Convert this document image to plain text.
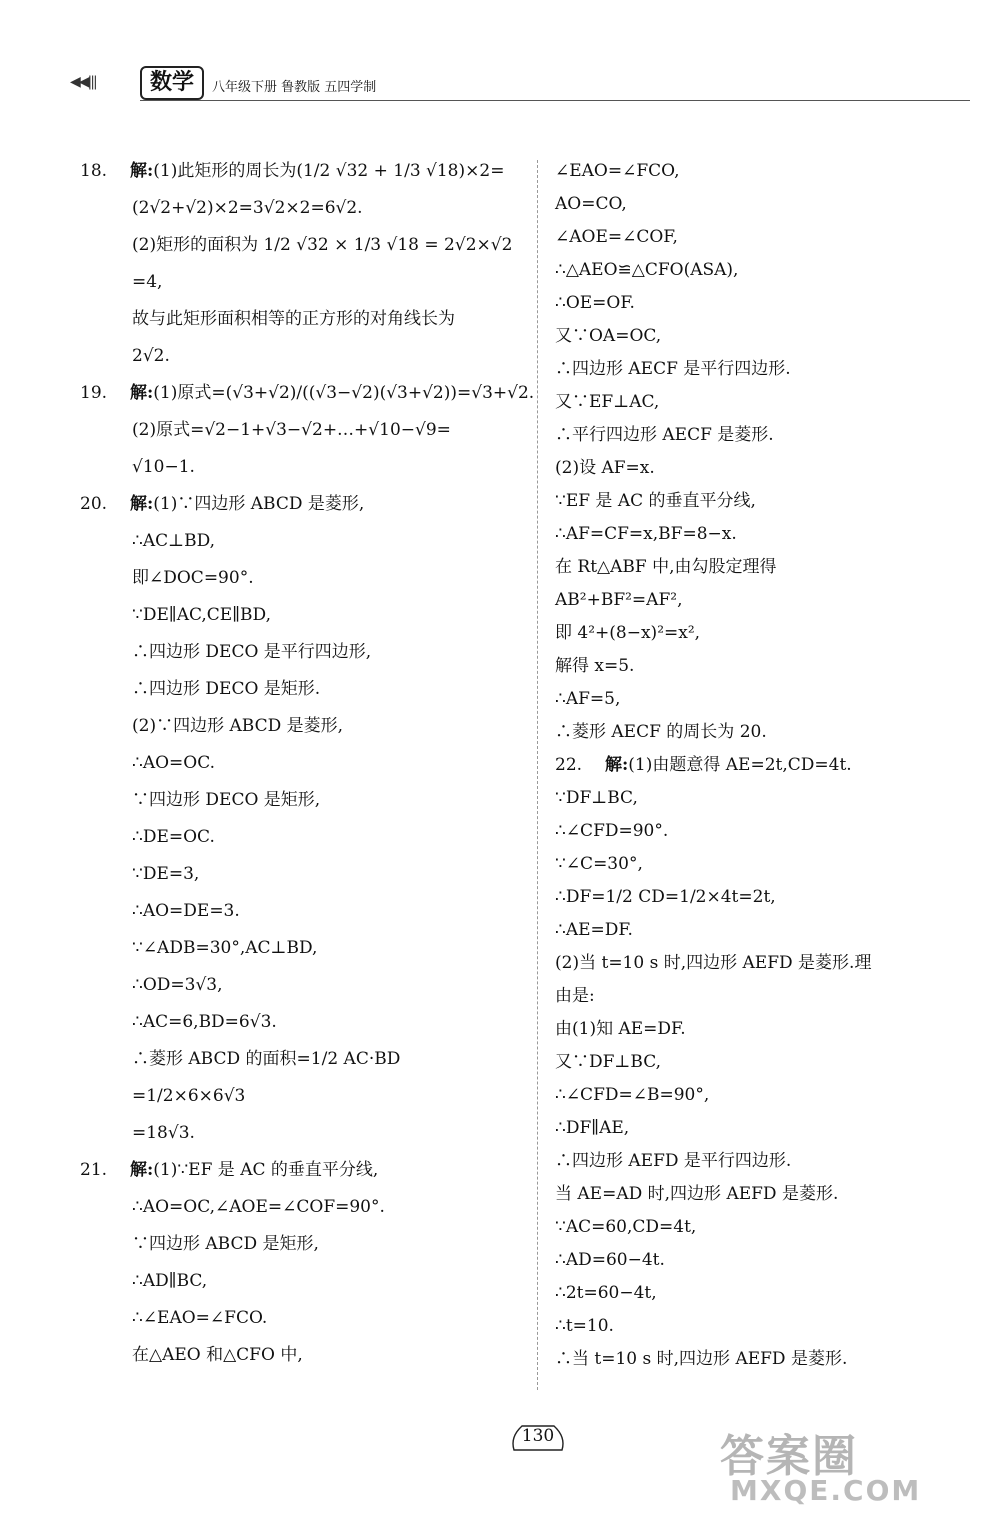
◀◀|||	数学	八年级下册 鲁教版 五四学制
18. 解:(1)此矩形的周长为(1/2 √32 + 1/3 √18)×2=
(2√2+√2)×2=3√2×2=6√2.
(2)矩形的面积为 1/2 √32 × 1/3 √18 = 2√2×√2
=4,
故与此矩形面积相等的正方形的对角线长为
2√2.
19. 解:(1)原式=(√3+√2)/((√3−√2)(√3+√2))=√3+√2.
(2)原式=√2−1+√3−√2+…+√10−√9=
√10−1.
20. 解:(1)∵四边形 ABCD 是菱形,
∴AC⊥BD,
即∠DOC=90°.
∵DE∥AC,CE∥BD,
∴四边形 DECO 是平行四边形,
∴四边形 DECO 是矩形.
(2)∵四边形 ABCD 是菱形,
∴AO=OC.
∵四边形 DECO 是矩形,
∴DE=OC.
∵DE=3,
∴AO=DE=3.
∵∠ADB=30°,AC⊥BD,
∴OD=3√3,
∴AC=6,BD=6√3.
∴菱形 ABCD 的面积=1/2 AC·BD
=1/2×6×6√3
=18√3.
21. 解:(1)∵EF 是 AC 的垂直平分线,
∴AO=OC,∠AOE=∠COF=90°.
∵四边形 ABCD 是矩形,
∴AD∥BC,
∴∠EAO=∠FCO.
在△AEO 和△CFO 中,
∠EAO=∠FCO,
AO=CO,
∠AOE=∠COF,
∴△AEO≌△CFO(ASA),
∴OE=OF.
又∵OA=OC,
∴四边形 AECF 是平行四边形.
又∵EF⊥AC,
∴平行四边形 AECF 是菱形.
(2)设 AF=x.
∵EF 是 AC 的垂直平分线,
∴AF=CF=x,BF=8−x.
在 Rt△ABF 中,由勾股定理得
AB²+BF²=AF²,
即 4²+(8−x)²=x²,
解得 x=5.
∴AF=5,
∴菱形 AECF 的周长为 20.
22. 解:(1)由题意得 AE=2t,CD=4t.
∵DF⊥BC,
∴∠CFD=90°.
∵∠C=30°,
∴DF=1/2 CD=1/2×4t=2t,
∴AE=DF.
(2)当 t=10 s 时,四边形 AEFD 是菱形.理
由是:
由(1)知 AE=DF.
又∵DF⊥BC,
∴∠CFD=∠B=90°,
∴DF∥AE,
∴四边形 AEFD 是平行四边形.
当 AE=AD 时,四边形 AEFD 是菱形.
∵AC=60,CD=4t,
∴AD=60−4t.
∴2t=60−4t,
∴t=10.
∴当 t=10 s 时,四边形 AEFD 是菱形.
130	答案圈
MXQE.COM
